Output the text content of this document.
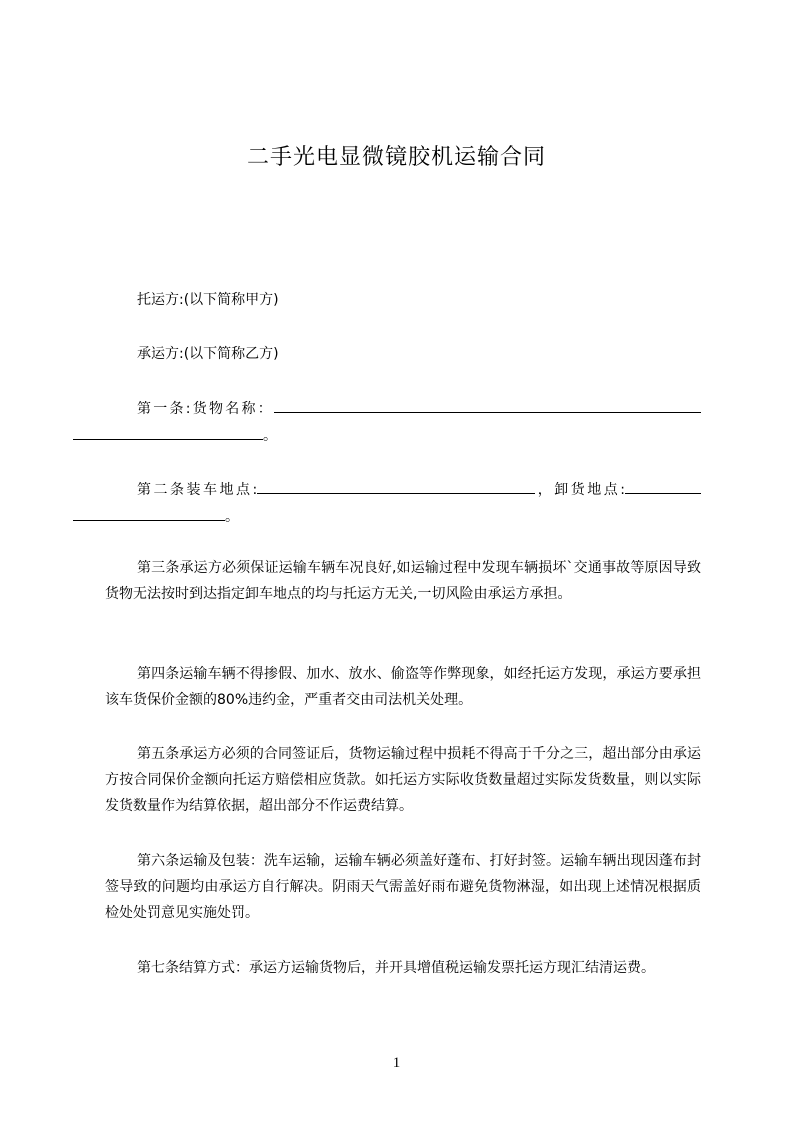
二手光电显微镜胶机运输合同
托运方:(以下简称甲方)
承运方:(以下简称乙方)
第一条:货物名称：。
第二条装车地点:	，卸货地点:。
第三条承运方必须保证运输车辆车况良好,如运输过程中发现车辆损坏`交通事故等原因导致货物无法按时到达指定卸车地点的均与托运方无关,一切风险由承运方承担。
第四条运输车辆不得掺假、加水、放水、偷盗等作弊现象，如经托运方发现，承运方要承担该车货保价金额的80%违约金，严重者交由司法机关处理。
第五条承运方必须的合同签证后，货物运输过程中损耗不得高于千分之三，超出部分由承运方按合同保价金额向托运方赔偿相应货款。如托运方实际收货数量超过实际发货数量，则以实际发货数量作为结算依据，超出部分不作运费结算。
第六条运输及包装：洗车运输，运输车辆必须盖好蓬布、打好封签。运输车辆出现因蓬布封签导致的问题均由承运方自行解决。阴雨天气需盖好雨布避免货物淋湿，如出现上述情况根据质检处处罚意见实施处罚。
第七条结算方式：承运方运输货物后，并开具增值税运输发票托运方现汇结清运费。
1
